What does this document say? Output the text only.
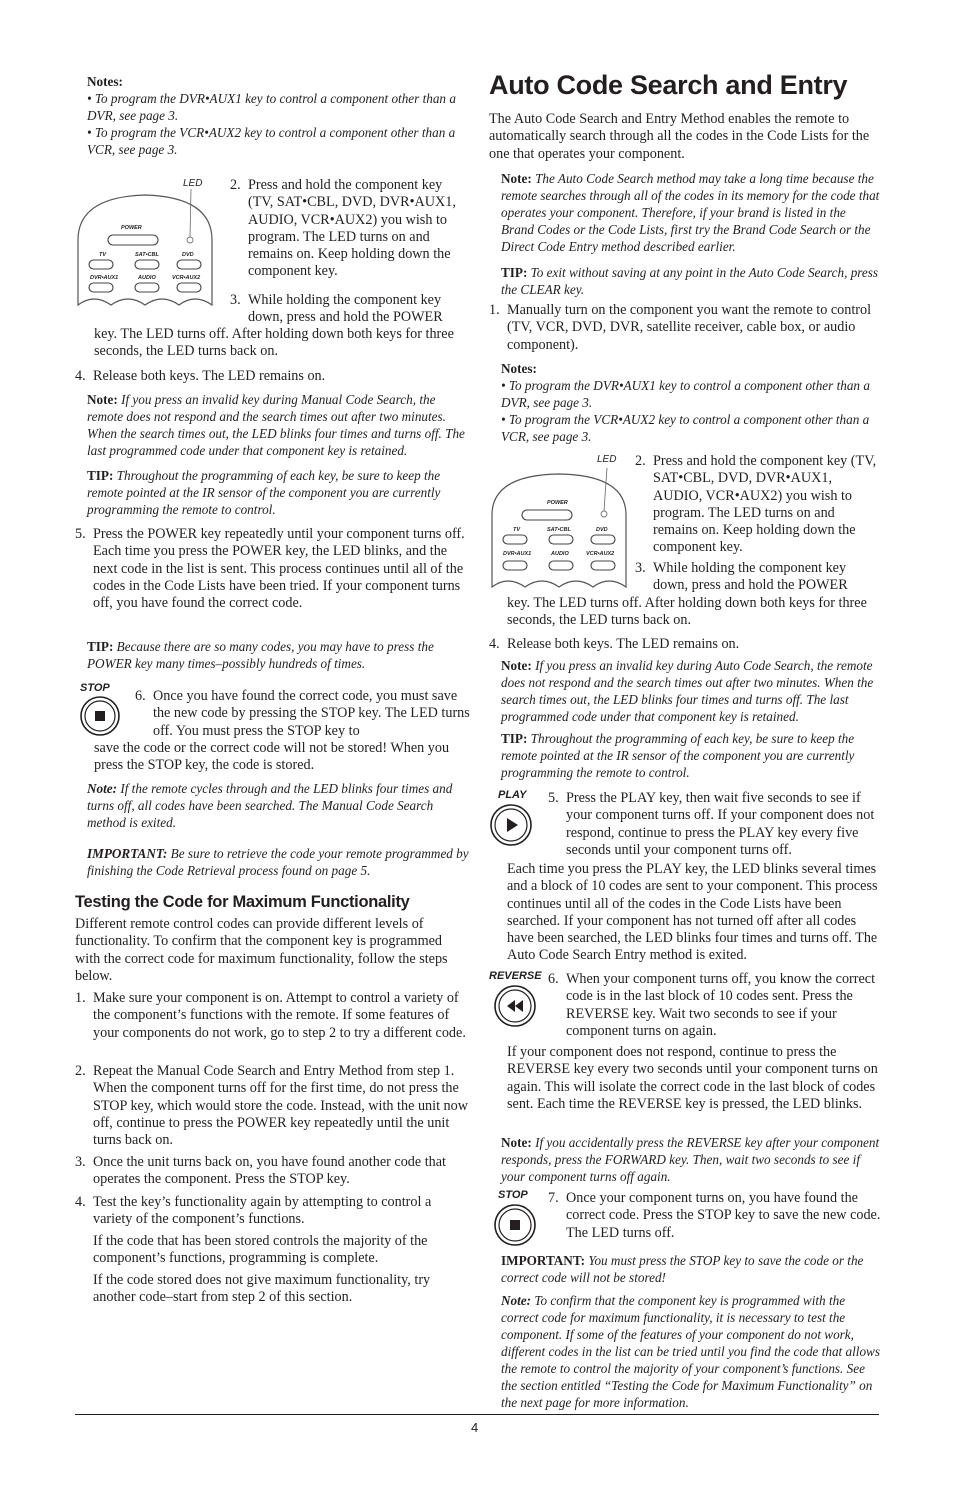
Notes:
• To program the DVR•AUX1 key to control a component other than a DVR, see page 3.
• To program the VCR•AUX2 key to control a component other than a VCR, see page 3.
LED
POWER
TV	SAT•CBL	DVD
DVR•AUX1	AUDIO	VCR•AUX2
2. Press and hold the component key (TV, SAT•CBL, DVD, DVR•AUX1, AUDIO, VCR•AUX2) you wish to program. The LED turns on and remains on. Keep holding down the component key.
3. While holding the component key down, press and hold the POWER
key. The LED turns off. After holding down both keys for three seconds, the LED turns back on.
4. Release both keys. The LED remains on.
Note: If you press an invalid key during Manual Code Search, the remote does not respond and the search times out after two minutes. When the search times out, the LED blinks four times and turns off. The last programmed code under that component key is retained.
TIP: Throughout the programming of each key, be sure to keep the remote pointed at the IR sensor of the component you are currently programming the remote to control.
5. Press the POWER key repeatedly until your component turns off. Each time you press the POWER key, the LED blinks, and the next code in the list is sent. This process continues until all of the codes in the Code Lists have been tried. If your component turns off, you have found the correct code.
TIP: Because there are so many codes, you may have to press the POWER key many times–possibly hundreds of times.
STOP 6. Once you have found the correct code, you must save the new code by pressing the STOP key. The LED turns off. You must press the STOP key to
save the code or the correct code will not be stored! When you press the STOP key, the code is stored.
Note: If the remote cycles through and the LED blinks four times and turns off, all codes have been searched. The Manual Code Search method is exited.
IMPORTANT: Be sure to retrieve the code your remote programmed by finishing the Code Retrieval process found on page 5.
Testing the Code for Maximum Functionality
Different remote control codes can provide different levels of functionality. To confirm that the component key is programmed with the correct code for maximum functionality, follow the steps below.
1. Make sure your component is on. Attempt to control a variety of the component’s functions with the remote. If some features of your components do not work, go to step 2 to try a different code.
2. Repeat the Manual Code Search and Entry Method from step 1. When the component turns off for the first time, do not press the STOP key, which would store the code. Instead, with the unit now off, continue to press the POWER key repeatedly until the unit turns back on.
3. Once the unit turns back on, you have found another code that operates the component. Press the STOP key.
4. Test the key’s functionality again by attempting to control a variety of the component’s functions.
If the code that has been stored controls the majority of the component’s functions, programming is complete.
If the code stored does not give maximum functionality, try another code–start from step 2 of this section.
Auto Code Search and Entry
The Auto Code Search and Entry Method enables the remote to automatically search through all the codes in the Code Lists for the one that operates your component.
Note: The Auto Code Search method may take a long time because the remote searches through all of the codes in its memory for the code that operates your component. Therefore, if your brand is listed in the Brand Codes or the Code Lists, first try the Brand Code Search or the Direct Code Entry method described earlier.
TIP: To exit without saving at any point in the Auto Code Search, press the CLEAR key.
1. Manually turn on the component you want the remote to control (TV, VCR, DVD, DVR, satellite receiver, cable box, or audio component).
Notes:
• To program the DVR•AUX1 key to control a component other than a DVR, see page 3.
• To program the VCR•AUX2 key to control a component other than a VCR, see page 3.
LED
POWER
TV	SAT•CBL	DVD
DVR•AUX1	AUDIO	VCR•AUX2
2. Press and hold the component key (TV, SAT•CBL, DVD, DVR•AUX1, AUDIO, VCR•AUX2) you wish to program. The LED turns on and remains on. Keep holding down the component key.
3. While holding the component key down, press and hold the POWER
key. The LED turns off. After holding down both keys for three seconds, the LED turns back on.
4. Release both keys. The LED remains on.
Note: If you press an invalid key during Auto Code Search, the remote does not respond and the search times out after two minutes. When the search times out, the LED blinks four times and turns off. The last programmed code under that component key is retained.
TIP: Throughout the programming of each key, be sure to keep the remote pointed at the IR sensor of the component you are currently programming the remote to control.
PLAY 5. Press the PLAY key, then wait five seconds to see if your component turns off. If your component does not respond, continue to press the PLAY key every five seconds until your component turns off.
Each time you press the PLAY key, the LED blinks several times and a block of 10 codes are sent to your component. This process continues until all of the codes in the Code Lists have been searched. If your component has not turned off after all codes have been searched, the LED blinks four times and turns off. The Auto Code Search Entry method is exited.
REVERSE 6. When your component turns off, you know the correct code is in the last block of 10 codes sent. Press the REVERSE key. Wait two seconds to see if your component turns on again.
If your component does not respond, continue to press the REVERSE key every two seconds until your component turns on again. This will isolate the correct code in the last block of codes sent. Each time the REVERSE key is pressed, the LED blinks.
Note: If you accidentally press the REVERSE key after your component responds, press the FORWARD key. Then, wait two seconds to see if your component turns off again.
STOP 7. Once your component turns on, you have found the correct code. Press the STOP key to save the new code. The LED turns off.
IMPORTANT: You must press the STOP key to save the code or the correct code will not be stored!
Note: To confirm that the component key is programmed with the correct code for maximum functionality, it is necessary to test the component. If some of the features of your component do not work, different codes in the list can be tried until you find the code that allows the remote to control the majority of your component’s functions. See the section entitled “Testing the Code for Maximum Functionality” on the next page for more information.
4
